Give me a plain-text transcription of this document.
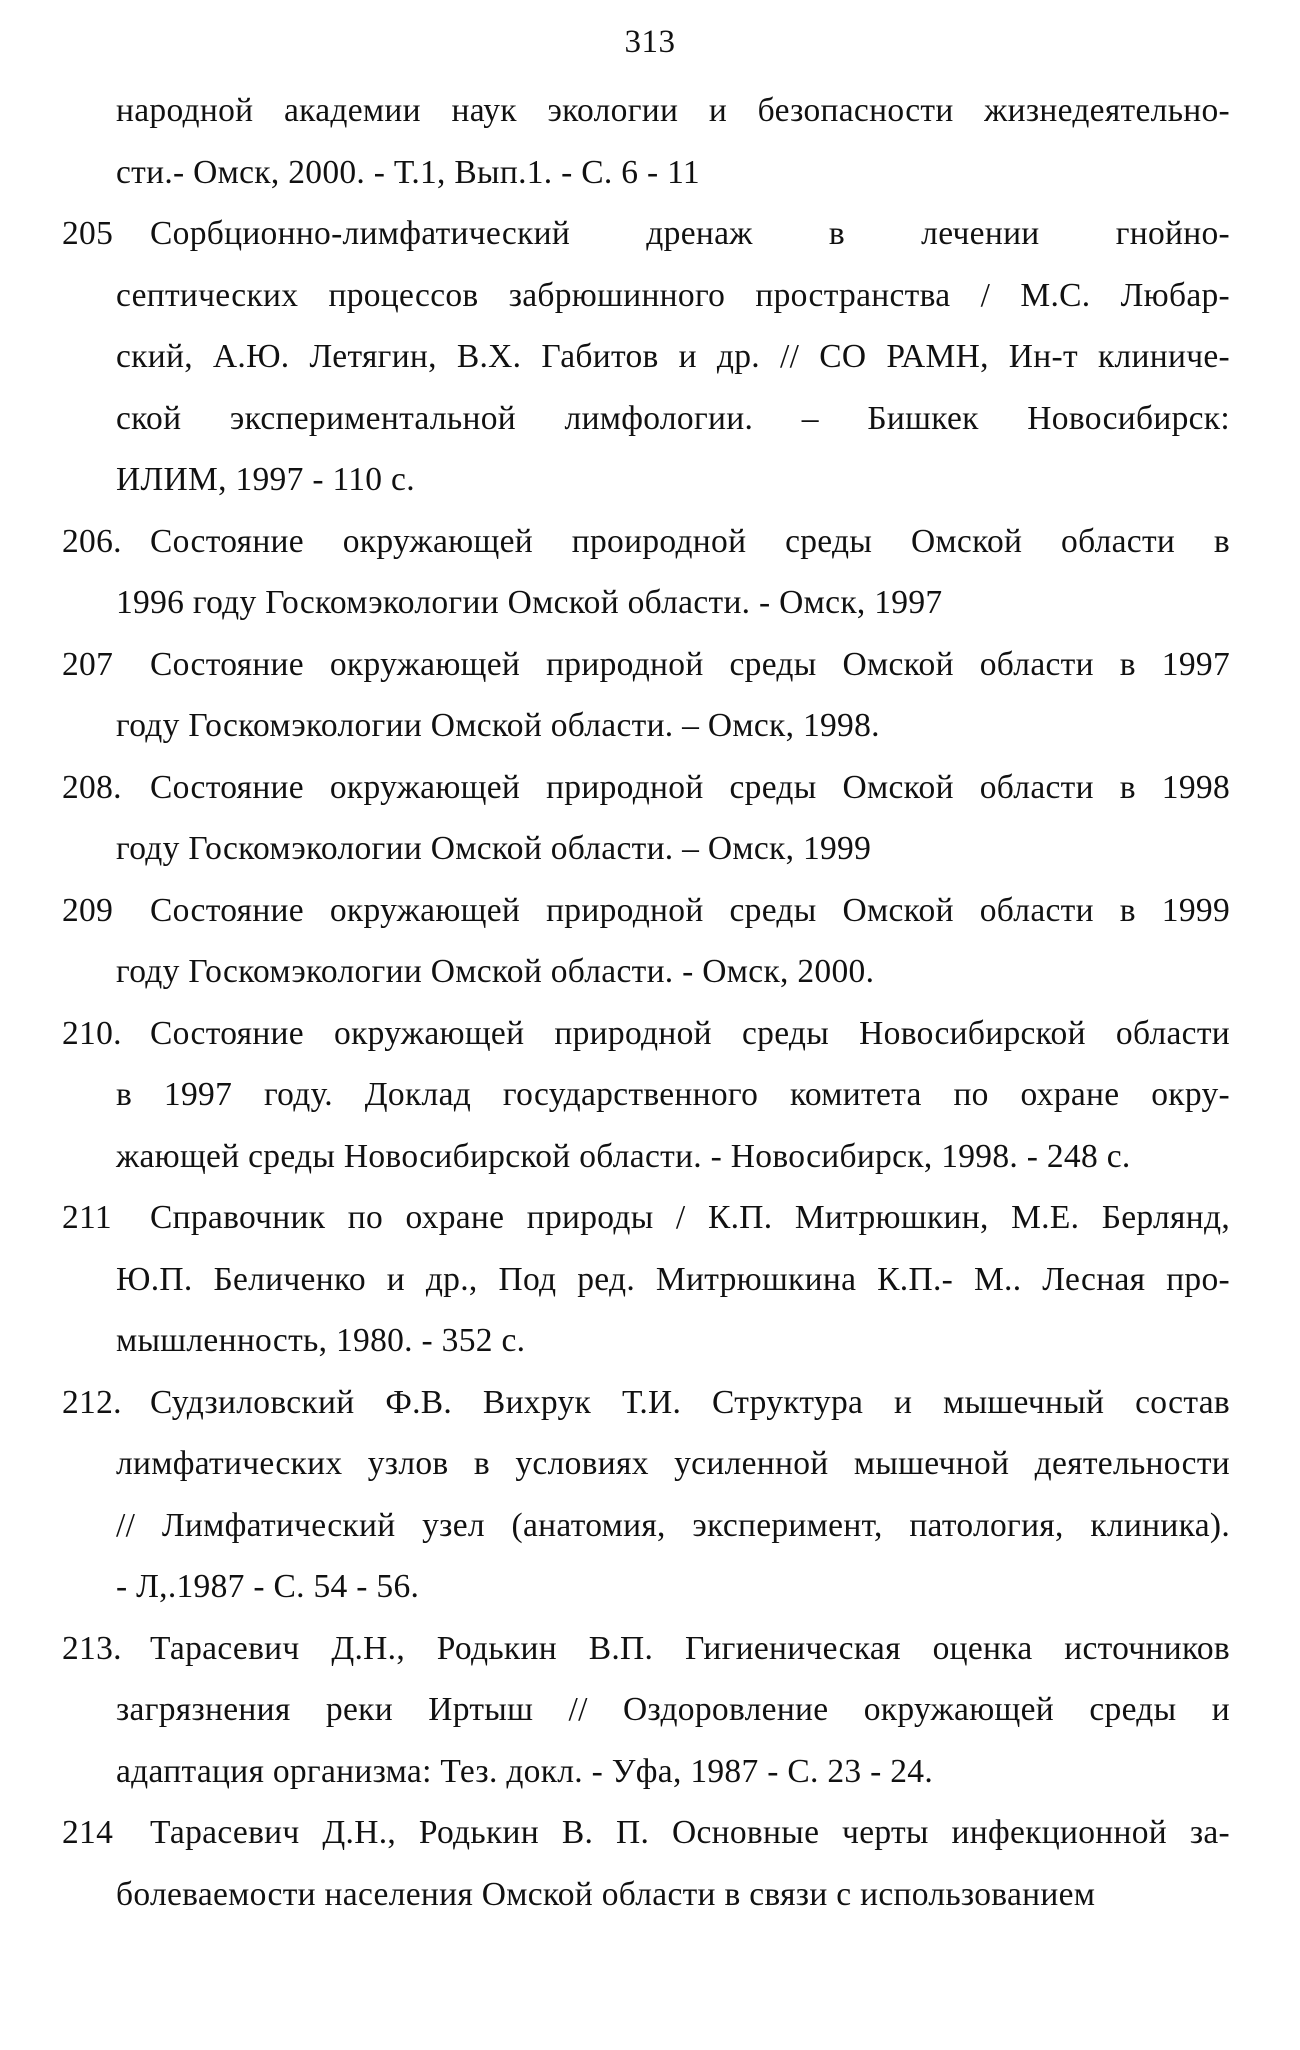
313
народной академии наук экологии и безопасности жизнедеятельно-
сти.- Омск, 2000. - Т.1, Вып.1. - С. 6 - 11
205	Сорбционно-лимфатический дренаж в лечении гнойно-
септических процессов забрюшинного пространства / М.С. Любар-
ский, А.Ю. Летягин, В.Х. Габитов и др. // СО РАМН, Ин-т клиниче-
ской экспериментальной лимфологии. – Бишкек Новосибирск:
ИЛИМ, 1997 - 110 с.
206. Состояние окружающей проиродной среды Омской области в
1996 году Госкомэкологии Омской области. - Омск, 1997
207	Состояние окружающей природной среды Омской области в 1997
году Госкомэкологии Омской области. – Омск, 1998.
208. Состояние окружающей природной среды Омской области в 1998
году Госкомэкологии Омской области. – Омск, 1999
209	Состояние окружающей природной среды Омской области в 1999
году Госкомэкологии Омской области. - Омск, 2000.
210. Состояние окружающей природной среды Новосибирской области
в 1997 году. Доклад государственного комитета по охране окру-
жающей среды Новосибирской области. - Новосибирск, 1998. - 248 с.
211	Справочник по охране природы / К.П. Митрюшкин, М.Е. Берлянд,
Ю.П. Беличенко и др., Под ред. Митрюшкина К.П.- М.. Лесная про-
мышленность, 1980. - 352 с.
212. Судзиловский Ф.В. Вихрук Т.И. Структура и мышечный состав
лимфатических узлов в условиях усиленной мышечной деятельности
// Лимфатический узел (анатомия, эксперимент, патология, клиника).
- Л,.1987 - С. 54 - 56.
213. Тарасевич Д.Н., Родькин В.П. Гигиеническая оценка источников
загрязнения реки Иртыш // Оздоровление окружающей среды и
адаптация организма: Тез. докл. - Уфа, 1987 - С. 23 - 24.
214	Тарасевич Д.Н., Родькин В. П. Основные черты инфекционной за-
болеваемости населения Омской области в связи с использованием
